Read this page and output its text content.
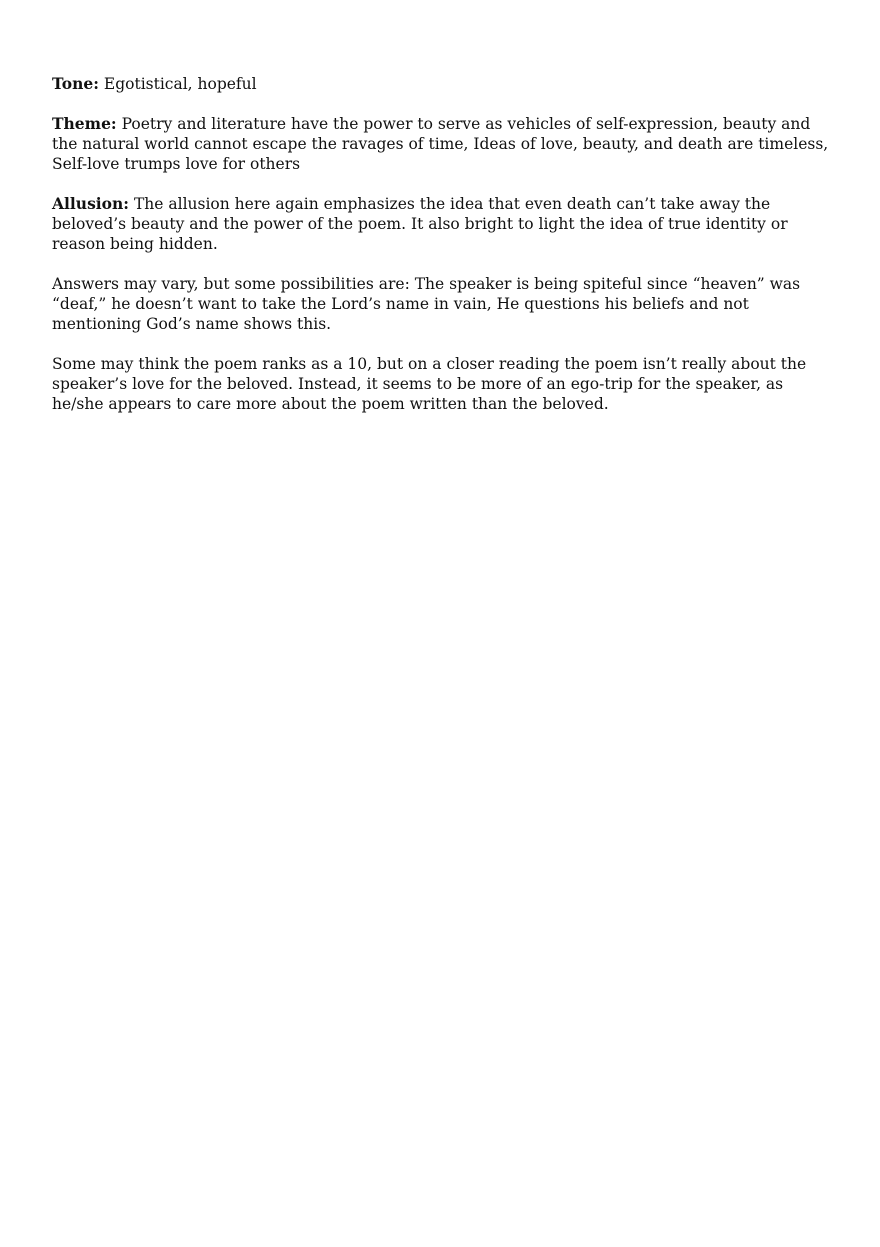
Tone: Egotistical, hopeful

Theme: Poetry and literature have the power to serve as vehicles of self-expression, beauty and the natural world cannot escape the ravages of time, Ideas of love, beauty, and death are timeless, Self-love trumps love for others

Allusion: The allusion here again emphasizes the idea that even death can’t take away the beloved’s beauty and the power of the poem. It also bright to light the idea of true identity or reason being hidden.

Answers may vary, but some possibilities are: The speaker is being spiteful since “heaven” was “deaf,” he doesn’t want to take the Lord’s name in vain, He questions his beliefs and not mentioning God’s name shows this.

Some may think the poem ranks as a 10, but on a closer reading the poem isn’t really about the speaker’s love for the beloved. Instead, it seems to be more of an ego-trip for the speaker, as he/she appears to care more about the poem written than the beloved.
